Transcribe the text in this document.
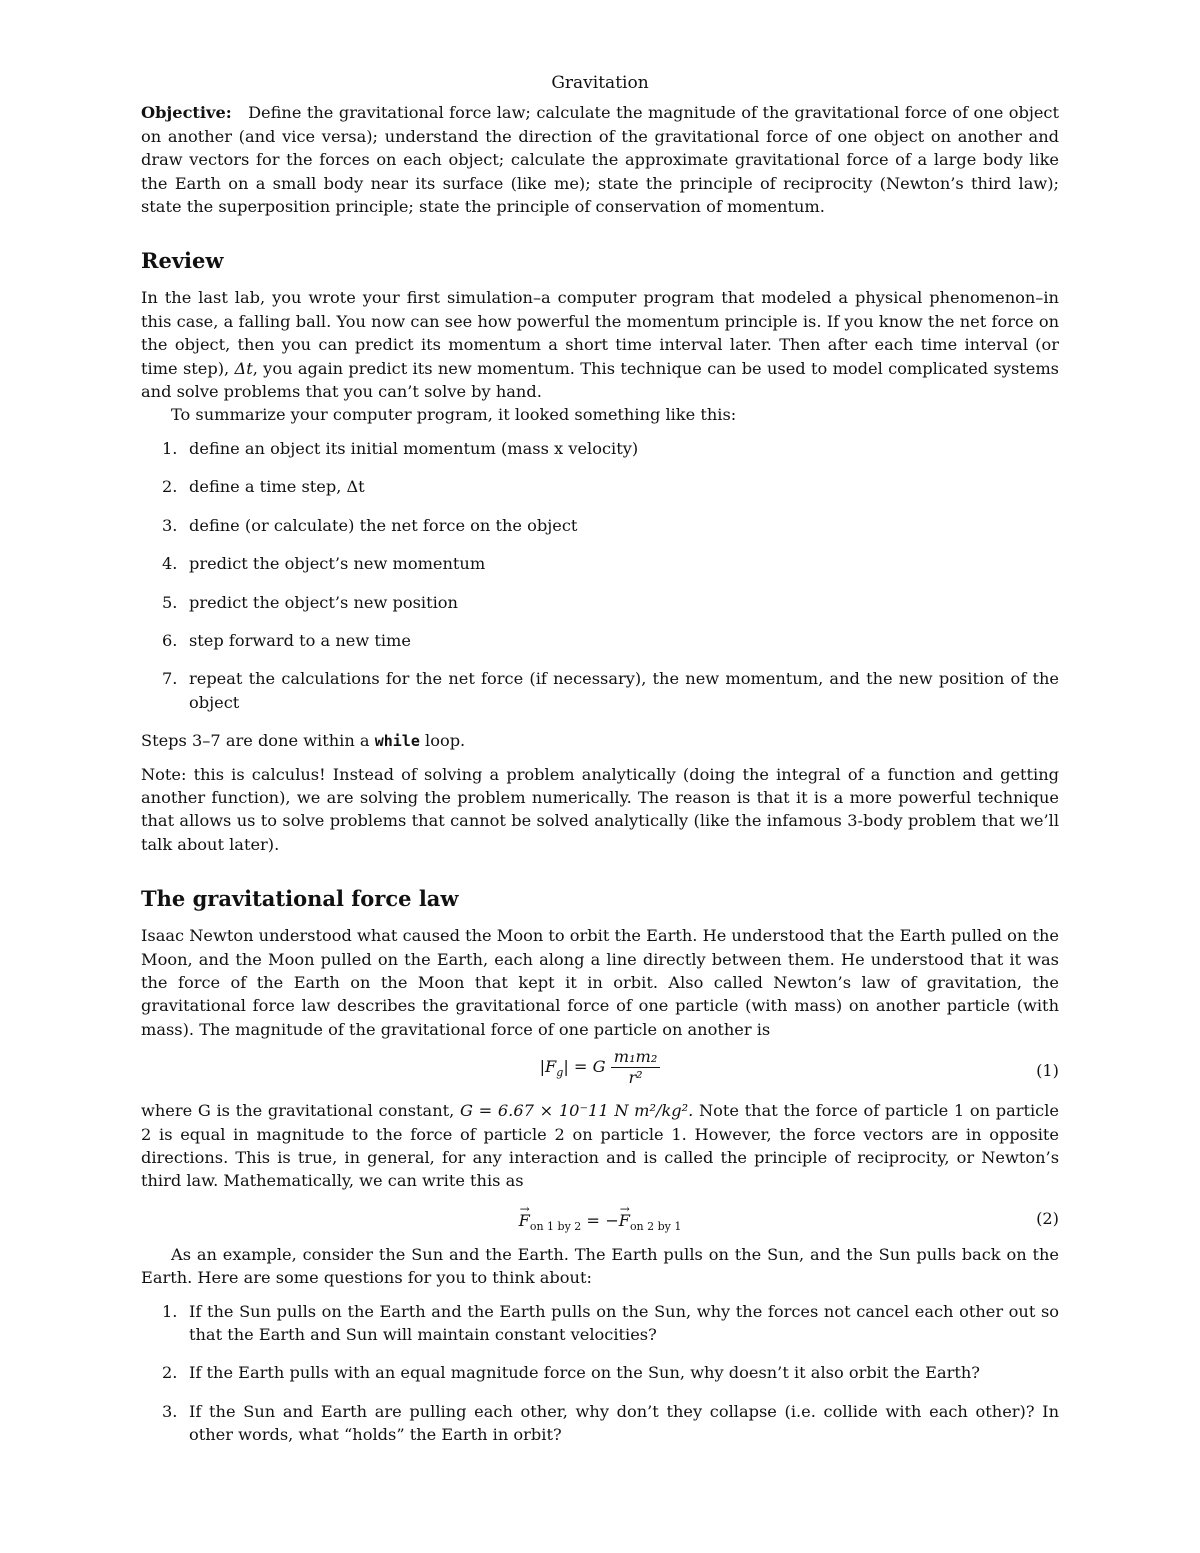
Gravitation

Objective: Define the gravitational force law; calculate the magnitude of the gravitational force of one object on another (and vice versa); understand the direction of the gravitational force of one object on another and draw vectors for the forces on each object; calculate the approximate gravitational force of a large body like the Earth on a small body near its surface (like me); state the principle of reciprocity (Newton’s third law); state the superposition principle; state the principle of conservation of momentum.

Review

In the last lab, you wrote your first simulation–a computer program that modeled a physical phenomenon–in this case, a falling ball. You now can see how powerful the momentum principle is. If you know the net force on the object, then you can predict its momentum a short time interval later. Then after each time interval (or time step), Δt, you again predict its new momentum. This technique can be used to model complicated systems and solve problems that you can’t solve by hand.

To summarize your computer program, it looked something like this:

1. define an object its initial momentum (mass x velocity)
2. define a time step, Δt
3. define (or calculate) the net force on the object
4. predict the object’s new momentum
5. predict the object’s new position
6. step forward to a new time
7. repeat the calculations for the net force (if necessary), the new momentum, and the new position of the object

Steps 3–7 are done within a while loop.

Note: this is calculus! Instead of solving a problem analytically (doing the integral of a function and getting another function), we are solving the problem numerically. The reason is that it is a more powerful technique that allows us to solve problems that cannot be solved analytically (like the infamous 3-body problem that we’ll talk about later).

The gravitational force law

Isaac Newton understood what caused the Moon to orbit the Earth. He understood that the Earth pulled on the Moon, and the Moon pulled on the Earth, each along a line directly between them. He understood that it was the force of the Earth on the Moon that kept it in orbit. Also called Newton’s law of gravitation, the gravitational force law describes the gravitational force of one particle (with mass) on another particle (with mass). The magnitude of the gravitational force of one particle on another is

$|F_g| = G \frac{\text{m₁m₂}}{\text{r²}}$	(1)

where G is the gravitational constant, G = 6.67 × 10⁻11 N m²/kg². Note that the force of particle 1 on particle 2 is equal in magnitude to the force of particle 2 on particle 1. However, the force vectors are in opposite directions. This is true, in general, for any interaction and is called the principle of reciprocity, or Newton’s third law. Mathematically, we can write this as

→ $F_{on 1 by 2}$ = −→ $F_{on 2 by 1}$	(2)

As an example, consider the Sun and the Earth. The Earth pulls on the Sun, and the Sun pulls back on the Earth. Here are some questions for you to think about:

1. If the Sun pulls on the Earth and the Earth pulls on the Sun, why the forces not cancel each other out so that the Earth and Sun will maintain constant velocities?
2. If the Earth pulls with an equal magnitude force on the Sun, why doesn’t it also orbit the Earth?
3. If the Sun and Earth are pulling each other, why don’t they collapse (i.e. collide with each other)? In other words, what “holds” the Earth in orbit?
